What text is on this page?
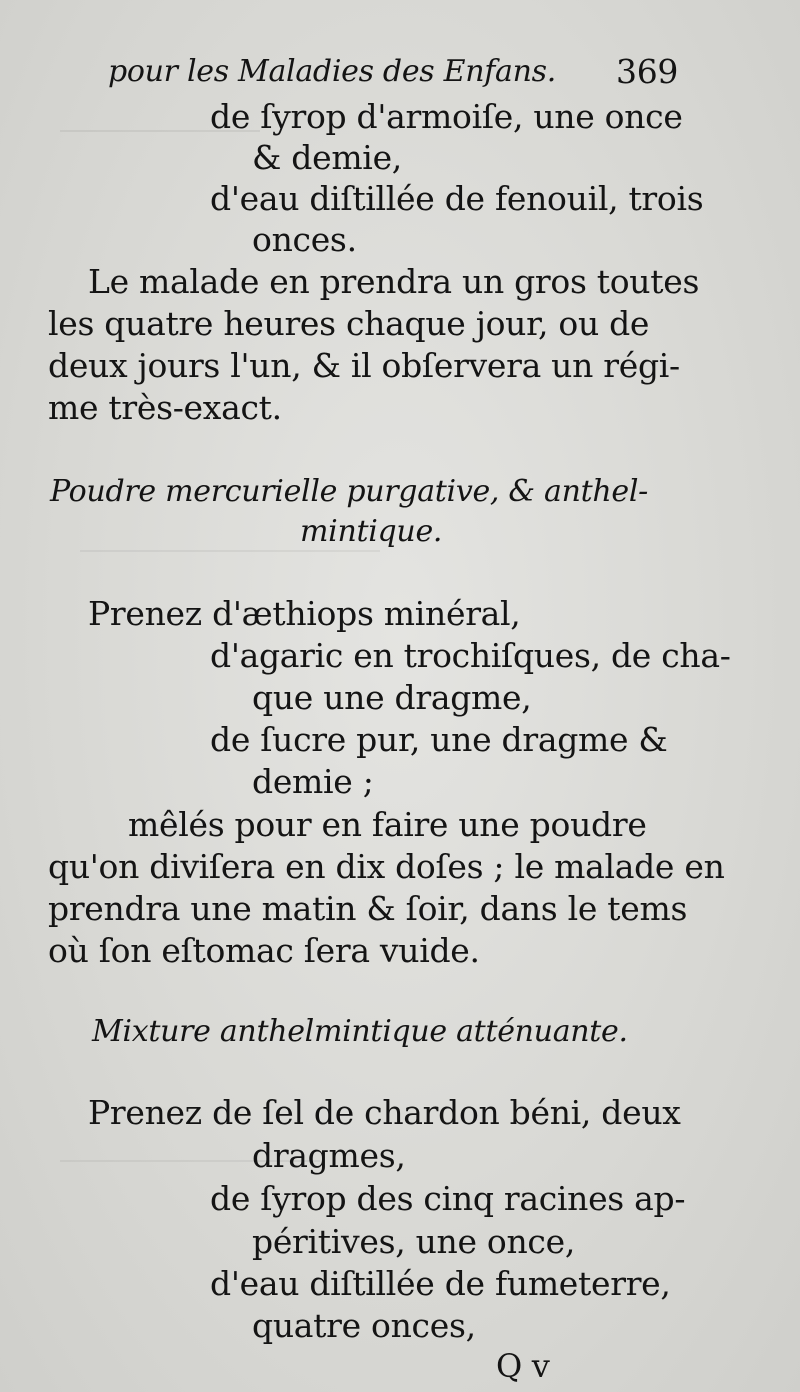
pour les Maladies des Enfans. 369
de ſyrop d'armoiſe, une once
& demie,
d'eau diſtillée de fenouil, trois
onces.
Le malade en prendra un gros toutes
les quatre heures chaque jour, ou de
deux jours l'un, & il obſervera un régi-
me très-exact.
Poudre mercurielle purgative, & anthel-
mintique.
Prenez d'æthiops minéral,
d'agaric en trochiſques, de cha-
que une dragme,
de ſucre pur, une dragme &
demie ;
mêlés pour en faire une poudre
qu'on diviſera en dix doſes ; le malade en
prendra une matin & ſoir, dans le tems
où ſon eſtomac ſera vuide.
Mixture anthelmintique atténuante.
Prenez de ſel de chardon béni, deux
dragmes,
de ſyrop des cinq racines ap-
péritives, une once,
d'eau diſtillée de fumeterre,
quatre onces,
Q v
